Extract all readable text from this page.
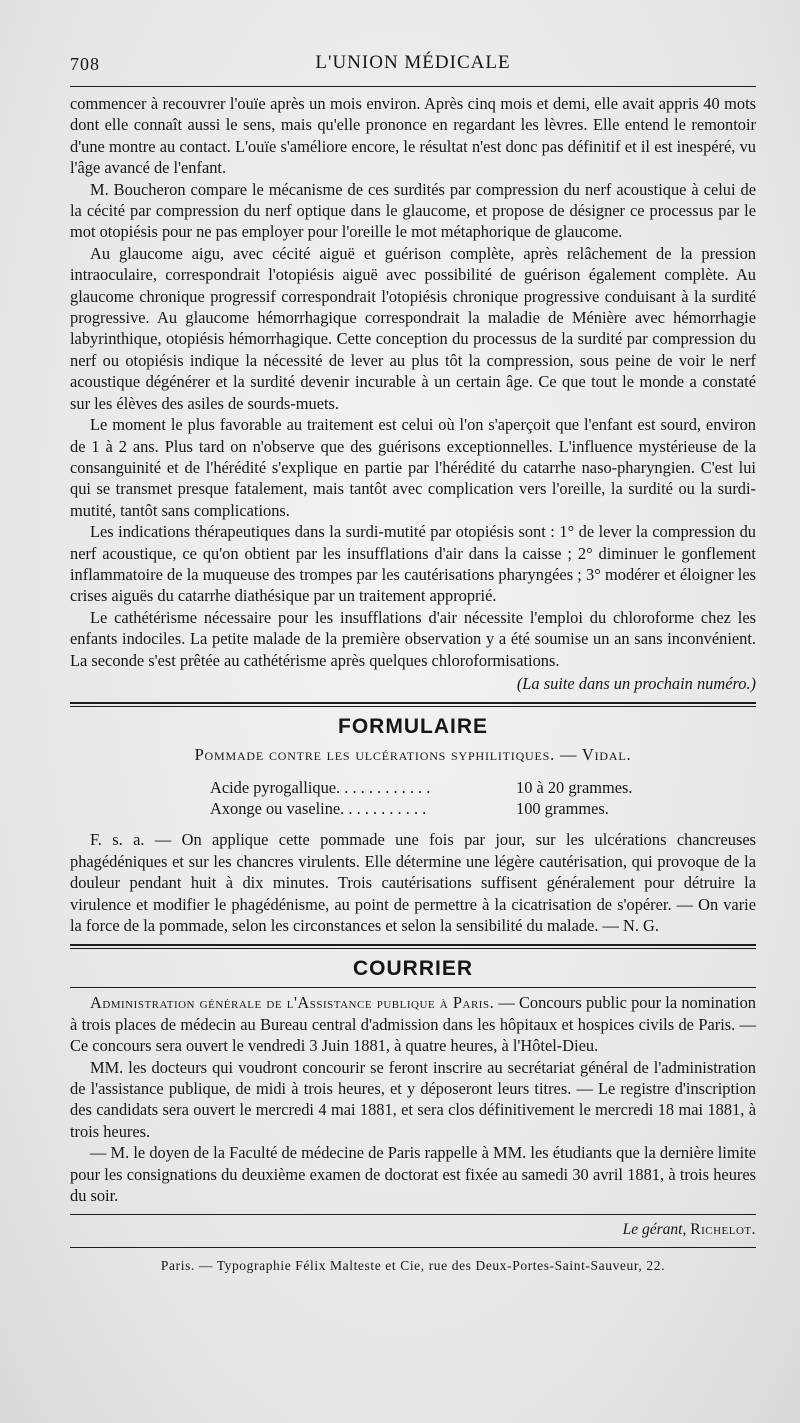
708	L'UNION MÉDICALE

commencer à recouvrer l'ouïe après un mois environ. Après cinq mois et demi, elle avait appris 40 mots dont elle connaît aussi le sens, mais qu'elle prononce en regardant les lèvres. Elle entend le remontoir d'une montre au contact. L'ouïe s'améliore encore, le résultat n'est donc pas définitif et il est inespéré, vu l'âge avancé de l'enfant.

M. Boucheron compare le mécanisme de ces surdités par compression du nerf acoustique à celui de la cécité par compression du nerf optique dans le glaucome, et propose de désigner ce processus par le mot otopiésis pour ne pas employer pour l'oreille le mot métaphorique de glaucome.

Au glaucome aigu, avec cécité aiguë et guérison complète, après relâchement de la pression intraoculaire, correspondrait l'otopiésis aiguë avec possibilité de guérison également complète. Au glaucome chronique progressif correspondrait l'otopiésis chronique progressive conduisant à la surdité progressive. Au glaucome hémorrhagique correspondrait la maladie de Ménière avec hémorrhagie labyrinthique, otopiésis hémorrhagique. Cette conception du processus de la surdité par compression du nerf ou otopiésis indique la nécessité de lever au plus tôt la compression, sous peine de voir le nerf acoustique dégénérer et la surdité devenir incurable à un certain âge. Ce que tout le monde a constaté sur les élèves des asiles de sourds-muets.

Le moment le plus favorable au traitement est celui où l'on s'aperçoit que l'enfant est sourd, environ de 1 à 2 ans. Plus tard on n'observe que des guérisons exceptionnelles. L'influence mystérieuse de la consanguinité et de l'hérédité s'explique en partie par l'hérédité du catarrhe naso-pharyngien. C'est lui qui se transmet presque fatalement, mais tantôt avec complication vers l'oreille, la surdité ou la surdi-mutité, tantôt sans complications.

Les indications thérapeutiques dans la surdi-mutité par otopiésis sont : 1° de lever la compression du nerf acoustique, ce qu'on obtient par les insufflations d'air dans la caisse ; 2° diminuer le gonflement inflammatoire de la muqueuse des trompes par les cautérisations pharyngées ; 3° modérer et éloigner les crises aiguës du catarrhe diathésique par un traitement approprié.

Le cathétérisme nécessaire pour les insufflations d'air nécessite l'emploi du chloroforme chez les enfants indociles. La petite malade de la première observation y a été soumise un an sans inconvénient. La seconde s'est prêtée au cathétérisme après quelques chloroformisations.

(La suite dans un prochain numéro.)

FORMULAIRE
Pommade contre les ulcérations syphilitiques. — Vidal.
Acide pyrogallique. . . . . . . . . . . .	10 à 20 grammes.
Axonge ou vaseline. . . . . . . . . . .	100 grammes.

F. s. a. — On applique cette pommade une fois par jour, sur les ulcérations chancreuses phagédéniques et sur les chancres virulents. Elle détermine une légère cautérisation, qui provoque de la douleur pendant huit à dix minutes. Trois cautérisations suffisent généralement pour détruire la virulence et modifier le phagédénisme, au point de permettre à la cicatrisation de s'opérer. — On varie la force de la pommade, selon les circonstances et selon la sensibilité du malade. — N. G.

COURRIER

Administration générale de l'Assistance publique à Paris. — Concours public pour la nomination à trois places de médecin au Bureau central d'admission dans les hôpitaux et hospices civils de Paris. — Ce concours sera ouvert le vendredi 3 Juin 1881, à quatre heures, à l'Hôtel-Dieu.

MM. les docteurs qui voudront concourir se feront inscrire au secrétariat général de l'administration de l'assistance publique, de midi à trois heures, et y déposeront leurs titres. — Le registre d'inscription des candidats sera ouvert le mercredi 4 mai 1881, et sera clos définitivement le mercredi 18 mai 1881, à trois heures.

— M. le doyen de la Faculté de médecine de Paris rappelle à MM. les étudiants que la dernière limite pour les consignations du deuxième examen de doctorat est fixée au samedi 30 avril 1881, à trois heures du soir.

Le gérant, Richelot.
Paris. — Typographie Félix Malteste et Cie, rue des Deux-Portes-Saint-Sauveur, 22.
